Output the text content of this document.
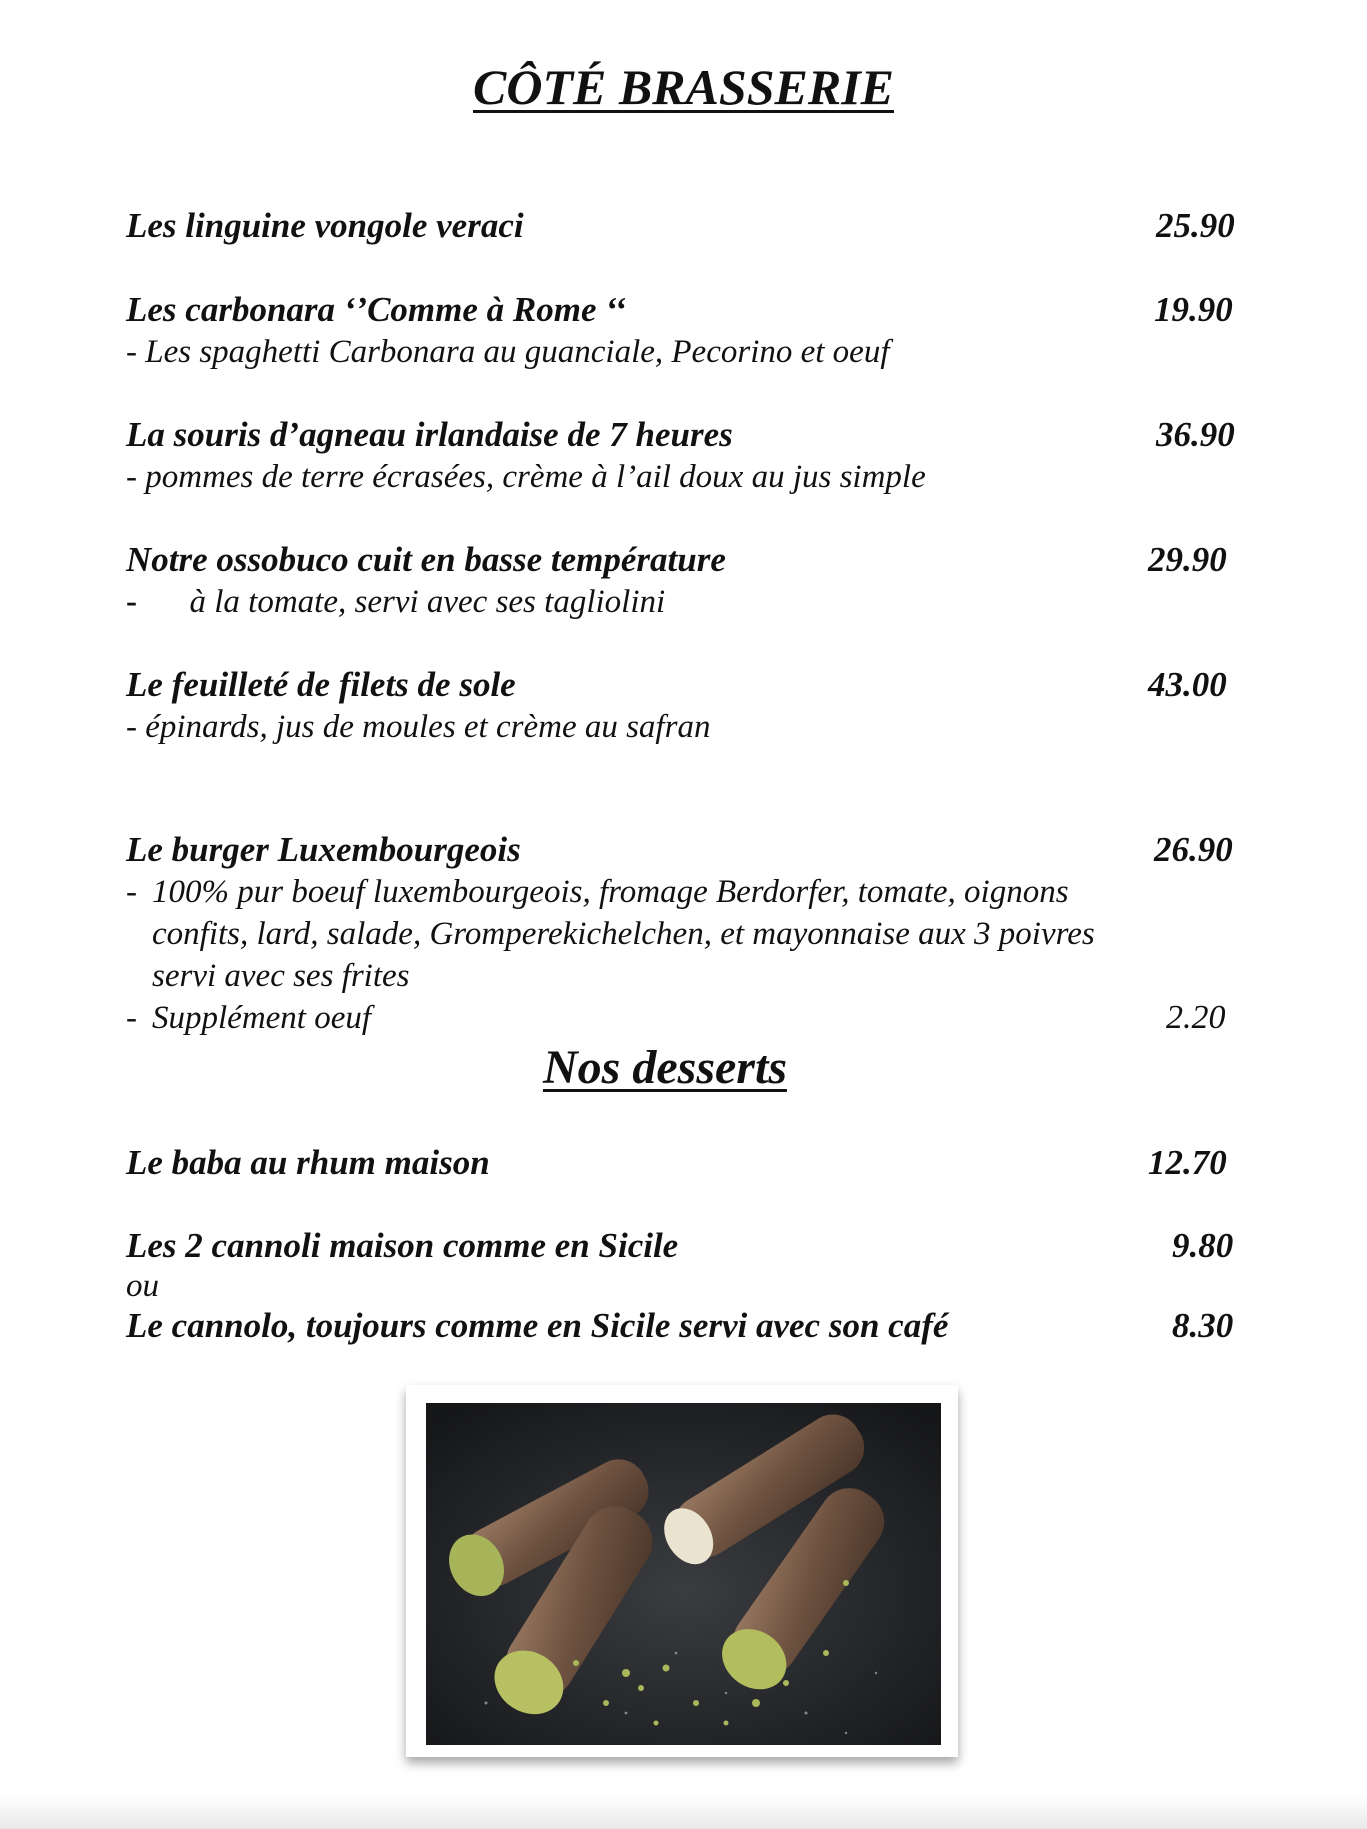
CÔTÉ BRASSERIE
Les linguine vongole veraci	25.90
Les carbonara ‘’Comme à Rome ‘‘	19.90
- Les spaghetti Carbonara au guanciale, Pecorino et oeuf
La souris d’agneau irlandaise de 7 heures	36.90
- pommes de terre écrasées, crème à l’ail doux au jus simple
Notre ossobuco cuit en basse température	29.90
- à la tomate, servi avec ses tagliolini
Le feuilleté de filets de sole	43.00
- épinards, jus de moules et crème au safran
Le burger Luxembourgeois	26.90
- 100% pur boeuf luxembourgeois, fromage Berdorfer, tomate, oignons
confits, lard, salade, Gromperekichelchen, et mayonnaise aux 3 poivres
servi avec ses frites
- Supplément oeuf	2.20
Nos desserts
Le baba au rhum maison	12.70
Les 2 cannoli maison comme en Sicile	9.80
ou
Le cannolo, toujours comme en Sicile servi avec son café	8.30
